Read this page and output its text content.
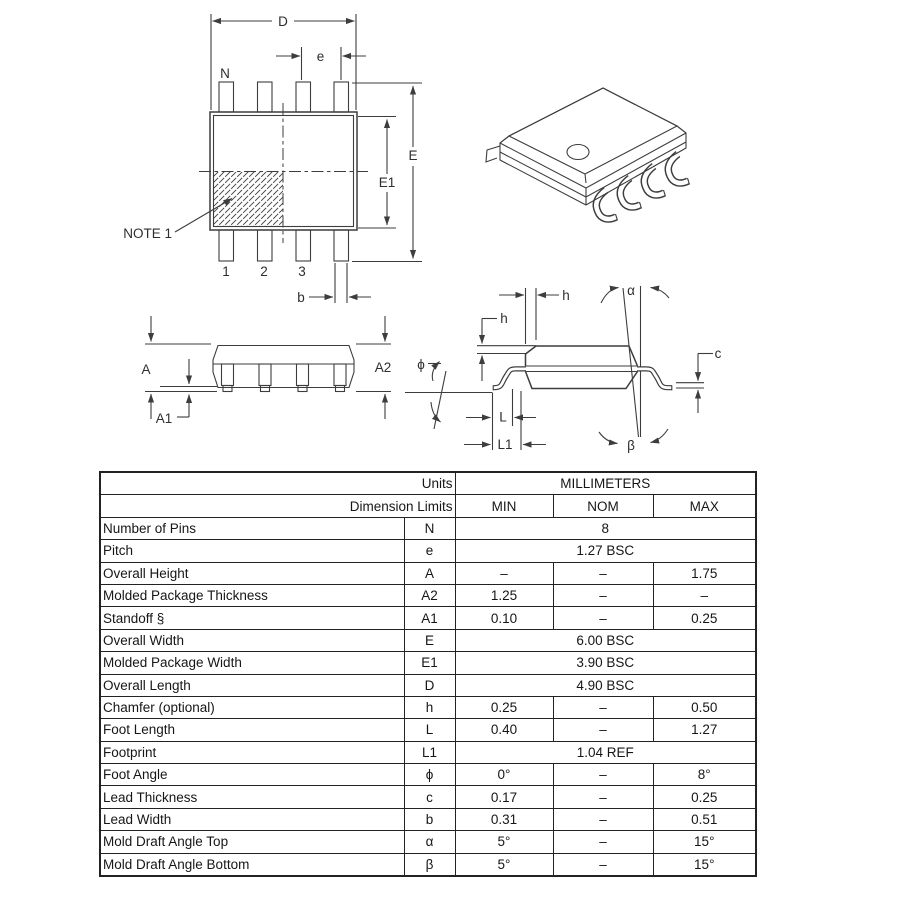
D
e
N
E
E1
NOTE 1
1 2 3
b
A	A2
A1
h
h
α
β
c
ϕ
L
L1
Units		MILLIMETERS		
Dimension Limits		MIN	NOM	MAX
Number of Pins	N	8		
Pitch	e	1.27 BSC		
Overall Height	A	–	–	1.75
Molded Package Thickness	A2	1.25	–	–
Standoff §	A1	0.10	–	0.25
Overall Width	E	6.00 BSC		
Molded Package Width	E1	3.90 BSC		
Overall Length	D	4.90 BSC		
Chamfer (optional)	h	0.25	–	0.50
Foot Length	L	0.40	–	1.27
Footprint	L1	1.04 REF		
Foot Angle	ϕ	0°	–	8°
Lead Thickness	c	0.17	–	0.25
Lead Width	b	0.31	–	0.51
Mold Draft Angle Top	α	5°	–	15°
Mold Draft Angle Bottom	β	5°	–	15°
